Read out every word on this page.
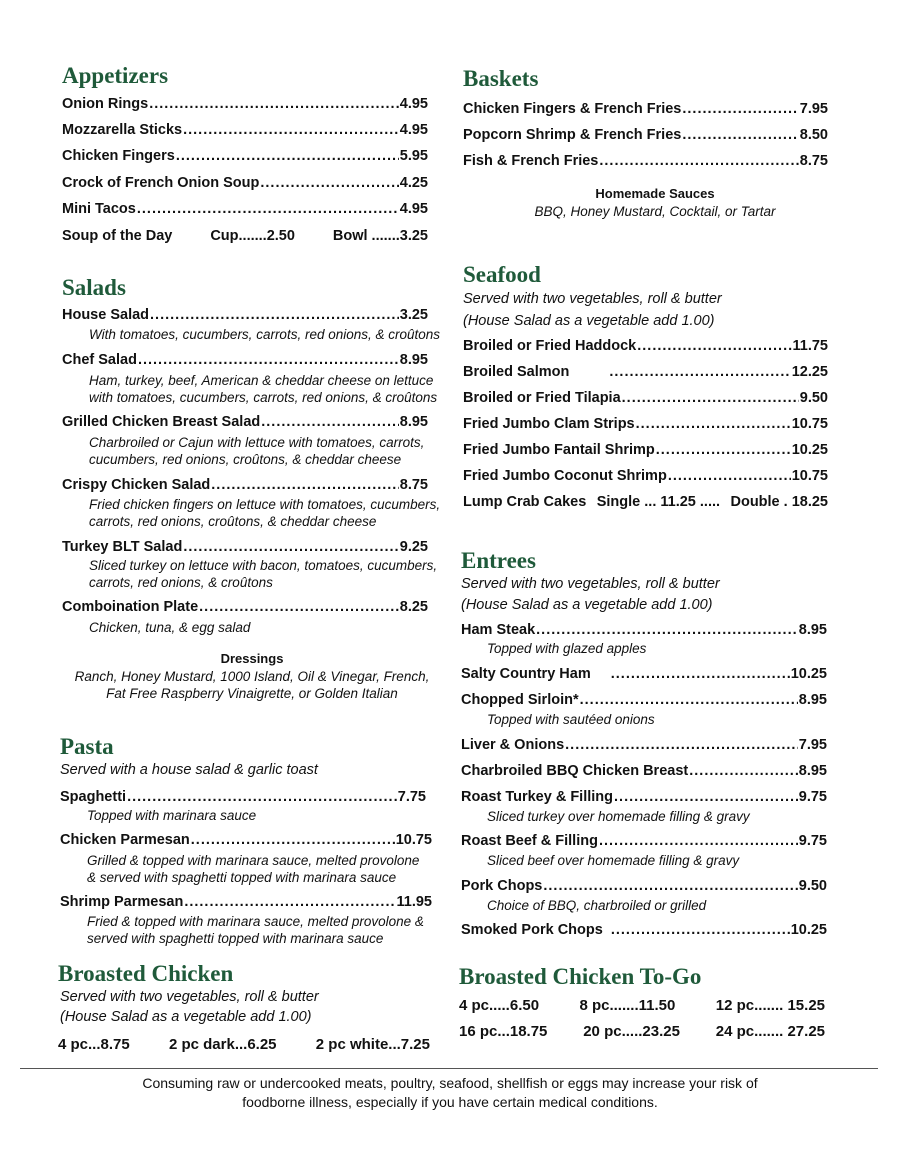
Appetizers
Onion Rings .....	4.95
Mozzarella Sticks .....	4.95
Chicken Fingers .....	5.95
Crock of French Onion Soup .....	4.25
Mini Tacos .....	4.95
Soup of the Day	Cup.......2.50	Bowl .......3.25
Salads
House Salad .....	3.25
With tomatoes, cucumbers, carrots, red onions, & croûtons
Chef Salad .....	8.95
Ham, turkey, beef, American & cheddar cheese on lettuce
with tomatoes, cucumbers, carrots, red onions, & croûtons
Grilled Chicken Breast Salad .....	8.95
Charbroiled or Cajun with lettuce with tomatoes, carrots,
cucumbers, red onions, croûtons, & cheddar cheese
Crispy Chicken Salad .....	8.75
Fried chicken fingers on lettuce with tomatoes, cucumbers,
carrots, red onions, croûtons, & cheddar cheese
Turkey BLT Salad .....	9.25
Sliced turkey on lettuce with bacon, tomatoes, cucumbers,
carrots, red onions, & croûtons
Comboination Plate .....	8.25
Chicken, tuna, & egg salad
Dressings
Ranch, Honey Mustard, 1000 Island, Oil & Vinegar, French,
Fat Free Raspberry Vinaigrette, or Golden Italian
Pasta
Served with a house salad & garlic toast
Spaghetti .....	7.75
Topped with marinara sauce
Chicken Parmesan .....	10.75
Grilled & topped with marinara sauce, melted provolone
& served with spaghetti topped with marinara sauce
Shrimp Parmesan .....	11.95
Fried & topped with marinara sauce, melted provolone &
served with spaghetti topped with marinara sauce
Broasted Chicken
Served with two vegetables, roll & butter
(House Salad as a vegetable add 1.00)
4 pc...8.75	2 pc dark...6.25	2 pc white...7.25
Baskets
Chicken Fingers & French Fries .....	7.95
Popcorn Shrimp & French Fries .....	8.50
Fish & French Fries .....	8.75
Homemade Sauces
BBQ, Honey Mustard, Cocktail, or Tartar
Seafood
Served with two vegetables, roll & butter
(House Salad as a vegetable add 1.00)
Broiled or Fried Haddock .....	11.75
Broiled Salmon .....	12.25
Broiled or Fried Tilapia .....	9.50
Fried Jumbo Clam Strips .....	10.75
Fried Jumbo Fantail Shrimp .....	10.25
Fried Jumbo Coconut Shrimp .....	10.75
Lump Crab Cakes Single ... 11.25 ..... Double . 18.25
Entrees
Served with two vegetables, roll & butter
(House Salad as a vegetable add 1.00)
Ham Steak .....	8.95
Topped with glazed apples
Salty Country Ham .....	10.25
Chopped Sirloin* .....	8.95
Topped with sautéed onions
Liver & Onions .....	7.95
Charbroiled BBQ Chicken Breast .....	8.95
Roast Turkey & Filling .....	9.75
Sliced turkey over homemade filling & gravy
Roast Beef & Filling .....	9.75
Sliced beef over homemade filling & gravy
Pork Chops .....	9.50
Choice of BBQ, charbroiled or grilled
Smoked Pork Chops .....	10.25
Broasted Chicken To-Go
4 pc.....6.50	8 pc.......11.50	12 pc....... 15.25
16 pc...18.75 20 pc.....23.25 24 pc....... 27.25
Consuming raw or undercooked meats, poultry, seafood, shellfish or eggs may increase your risk of
foodborne illness, especially if you have certain medical conditions.
